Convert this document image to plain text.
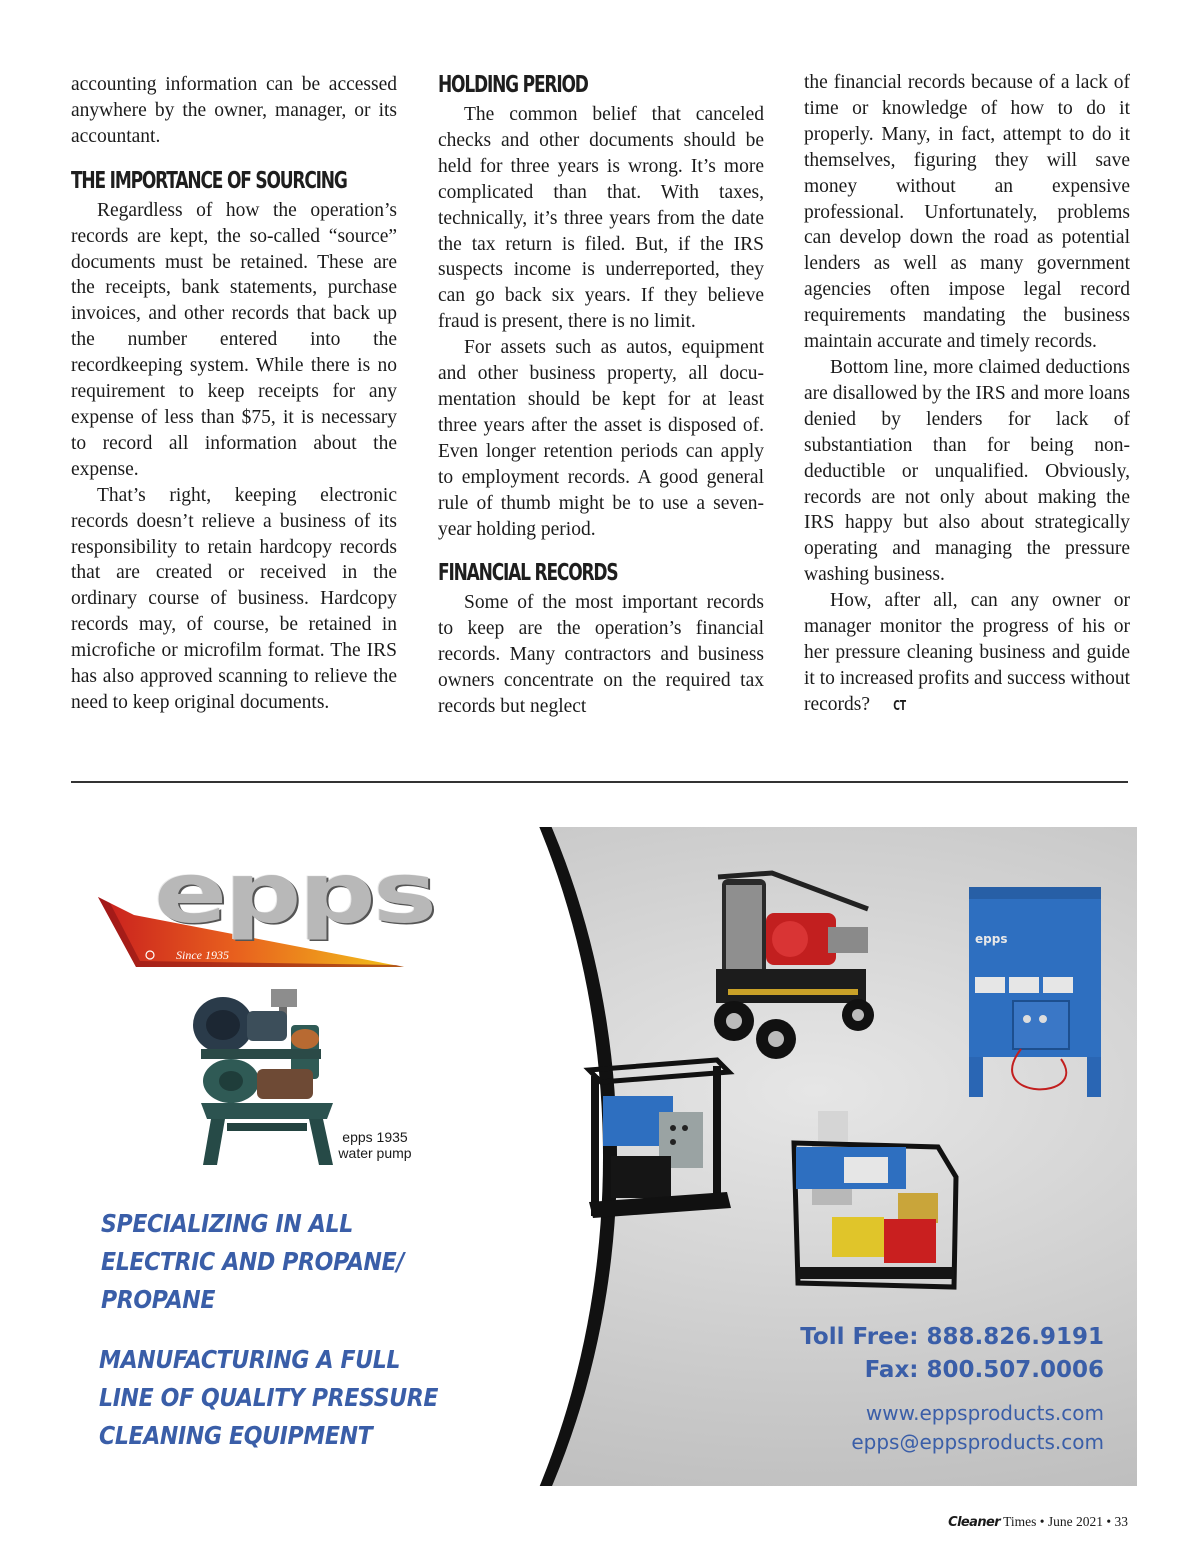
accounting information can be accessed anywhere by the owner, manager, or its accountant.

THE IMPORTANCE OF SOURCING

Regardless of how the operation’s records are kept, the so-called “source” documents must be retained. These are the receipts, bank statements, purchase invoices, and other records that back up the number entered into the recordkeeping system. While there is no requirement to keep receipts for any expense of less than $75, it is necessary to record all information about the expense.

That’s right, keeping electronic records doesn’t relieve a business of its responsibility to retain hardcopy records that are created or received in the ordinary course of business. Hardcopy records may, of course, be retained in microfiche or microfilm format. The IRS has also approved scanning to relieve the need to keep original documents.

HOLDING PERIOD

The common belief that canceled checks and other documents should be held for three years is wrong. It’s more complicated than that. With taxes, technically, it’s three years from the date the tax return is filed. But, if the IRS suspects income is underreported, they can go back six years. If they believe fraud is present, there is no limit.

For assets such as autos, equipment and other business property, all documentation should be kept for at least three years after the asset is disposed of. Even longer retention periods can apply to employment records. A good general rule of thumb might be to use a seven-year holding period.

FINANCIAL RECORDS

Some of the most important records to keep are the operation’s financial records. Many contractors and business owners concentrate on the required tax records but neglect

the financial records because of a lack of time or knowledge of how to do it properly. Many, in fact, attempt to do it themselves, figuring they will save money without an expensive professional. Unfortunately, problems can develop down the road as potential lenders as well as many government agencies often impose legal record requirements mandating the business maintain accurate and timely records.

Bottom line, more claimed deductions are disallowed by the IRS and more loans denied by lenders for lack of substantiation than for being nondeductible or unqualified. Obviously, records are not only about making the IRS happy but also about strategically operating and managing the pressure washing business.

How, after all, can any owner or manager monitor the progress of his or her pressure cleaning business and guide it to increased profits and success without records? CT

epps
Since 1935
epps 1935
water pump
SPECIALIZING IN ALL
ELECTRIC AND PROPANE/
PROPANE
MANUFACTURING A FULL
LINE OF QUALITY PRESSURE
CLEANING EQUIPMENT
epps
Toll Free: 888.826.9191
Fax: 800.507.0006
www.eppsproducts.com
epps@eppsproducts.com
Cleaner Times • June 2021 • 33
